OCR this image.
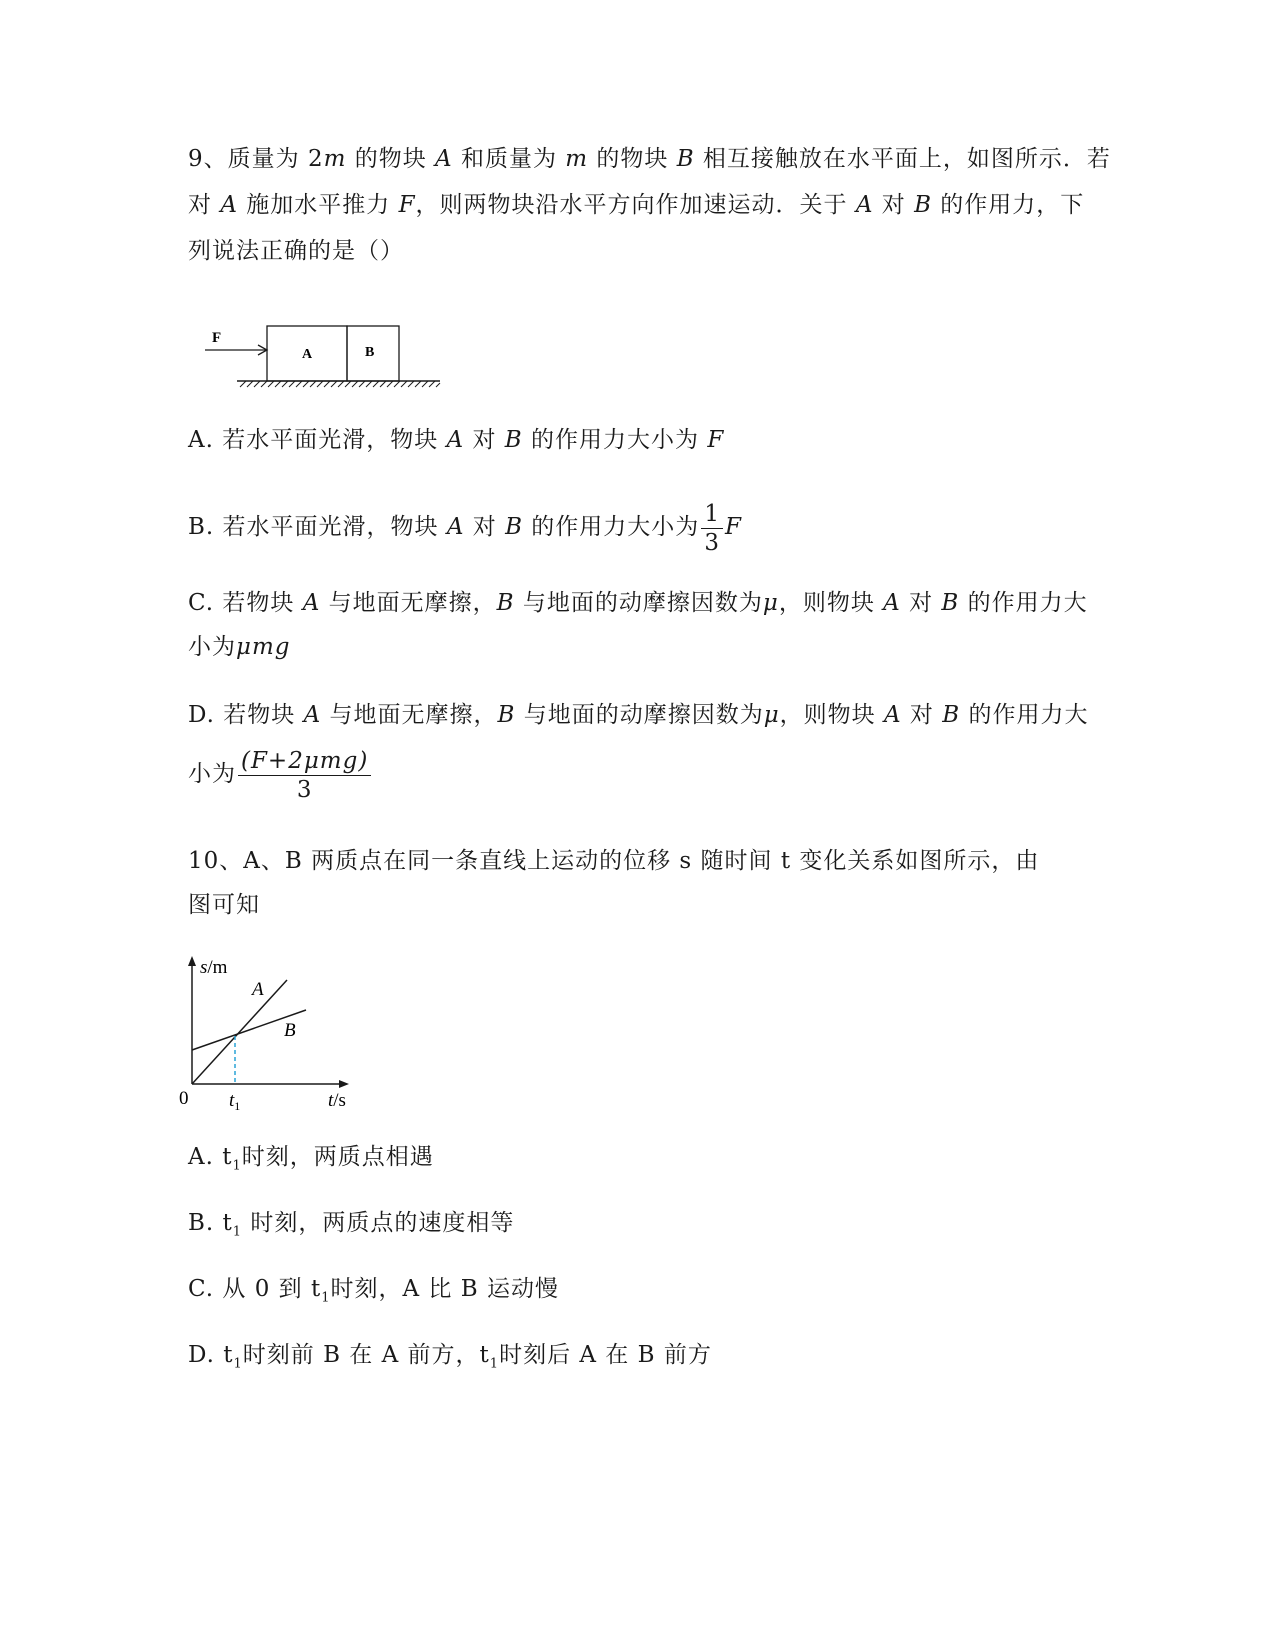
9、质量为 2m 的物块 A 和质量为 m 的物块 B 相互接触放在水平面上，如图所示．若
对 A 施加水平推力 F，则两物块沿水平方向作加速运动．关于 A 对 B 的作用力，下
列说法正确的是（）
F
A	B
A. 若水平面光滑，物块 A 对 B 的作用力大小为 F
B. 若水平面光滑，物块 A 对 B 的作用力大小为 $\frac{1}{3}$ F
C. 若物块 A 与地面无摩擦，B 与地面的动摩擦因数为μ，则物块 A 对 B 的作用力大
小为μmg
D. 若物块 A 与地面无摩擦，B 与地面的动摩擦因数为μ，则物块 A 对 B 的作用力大
小为 $\frac{\text{(F+2μmg)}}{3}$
10、A、B 两质点在同一条直线上运动的位移 s 随时间 t 变化关系如图所示，由
图可知
s/m
t/s
0
A
B
$t_1$
A. $t_1$时刻，两质点相遇
B. $t_1$ 时刻，两质点的速度相等
C. 从 0 到 $t_1$时刻，A 比 B 运动慢
D. $t_1$时刻前 B 在 A 前方，$t_1$时刻后 A 在 B 前方
